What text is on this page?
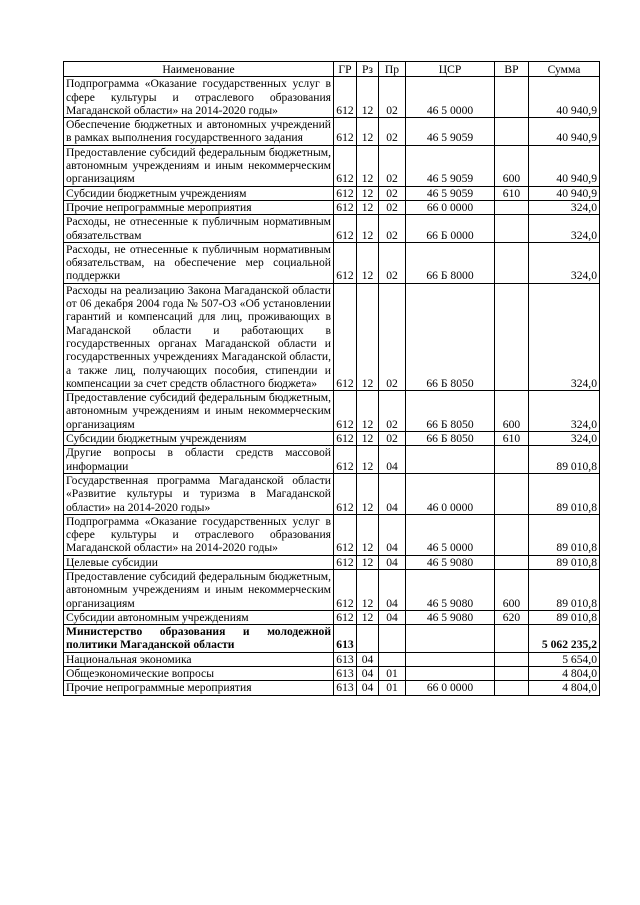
Наименование	ГР	Рз	Пр	ЦСР	ВР	Сумма
Подпрограмма «Оказание государственных услуг в сфере культуры и отраслевого образования Магаданской области» на 2014-2020 годы»	612	12	02	46 5 0000		40 940,9
Обеспечение бюджетных и автономных учреждений в рамках выполнения государственного задания	612	12	02	46 5 9059		40 940,9
Предоставление субсидий федеральным бюджетным, автономным учреждениям и иным некоммерческим организациям	612	12	02	46 5 9059	600	40 940,9
Субсидии бюджетным учреждениям	612	12	02	46 5 9059	610	40 940,9
Прочие непрограммные мероприятия	612	12	02	66 0 0000		324,0
Расходы, не отнесенные к публичным нормативным обязательствам	612	12	02	66 Б 0000		324,0
Расходы, не отнесенные к публичным нормативным обязательствам, на обеспечение мер социальной поддержки	612	12	02	66 Б 8000		324,0
Расходы на реализацию Закона Магаданской области от 06 декабря 2004 года № 507-ОЗ «Об установлении гарантий и компенсаций для лиц, проживающих в Магаданской области и работающих в государственных органах Магаданской области и государственных учреждениях Магаданской области, а также лиц, получающих пособия, стипендии и компенсации за счет средств областного бюджета»	612	12	02	66 Б 8050		324,0
Предоставление субсидий федеральным бюджетным, автономным учреждениям и иным некоммерческим организациям	612	12	02	66 Б 8050	600	324,0
Субсидии бюджетным учреждениям	612	12	02	66 Б 8050	610	324,0
Другие вопросы в области средств массовой информации	612	12	04			89 010,8
Государственная программа Магаданской области «Развитие культуры и туризма в Магаданской области» на 2014-2020 годы»	612	12	04	46 0 0000		89 010,8
Подпрограмма «Оказание государственных услуг в сфере культуры и отраслевого образования Магаданской области» на 2014-2020 годы»	612	12	04	46 5 0000		89 010,8
Целевые субсидии	612	12	04	46 5 9080		89 010,8
Предоставление субсидий федеральным бюджетным, автономным учреждениям и иным некоммерческим организациям	612	12	04	46 5 9080	600	89 010,8
Субсидии автономным учреждениям	612	12	04	46 5 9080	620	89 010,8
Министерство образования и молодежной политики Магаданской области	613					5 062 235,2
Национальная экономика	613	04				5 654,0
Общеэкономические вопросы	613	04	01			4 804,0
Прочие непрограммные мероприятия	613	04	01	66 0 0000		4 804,0
